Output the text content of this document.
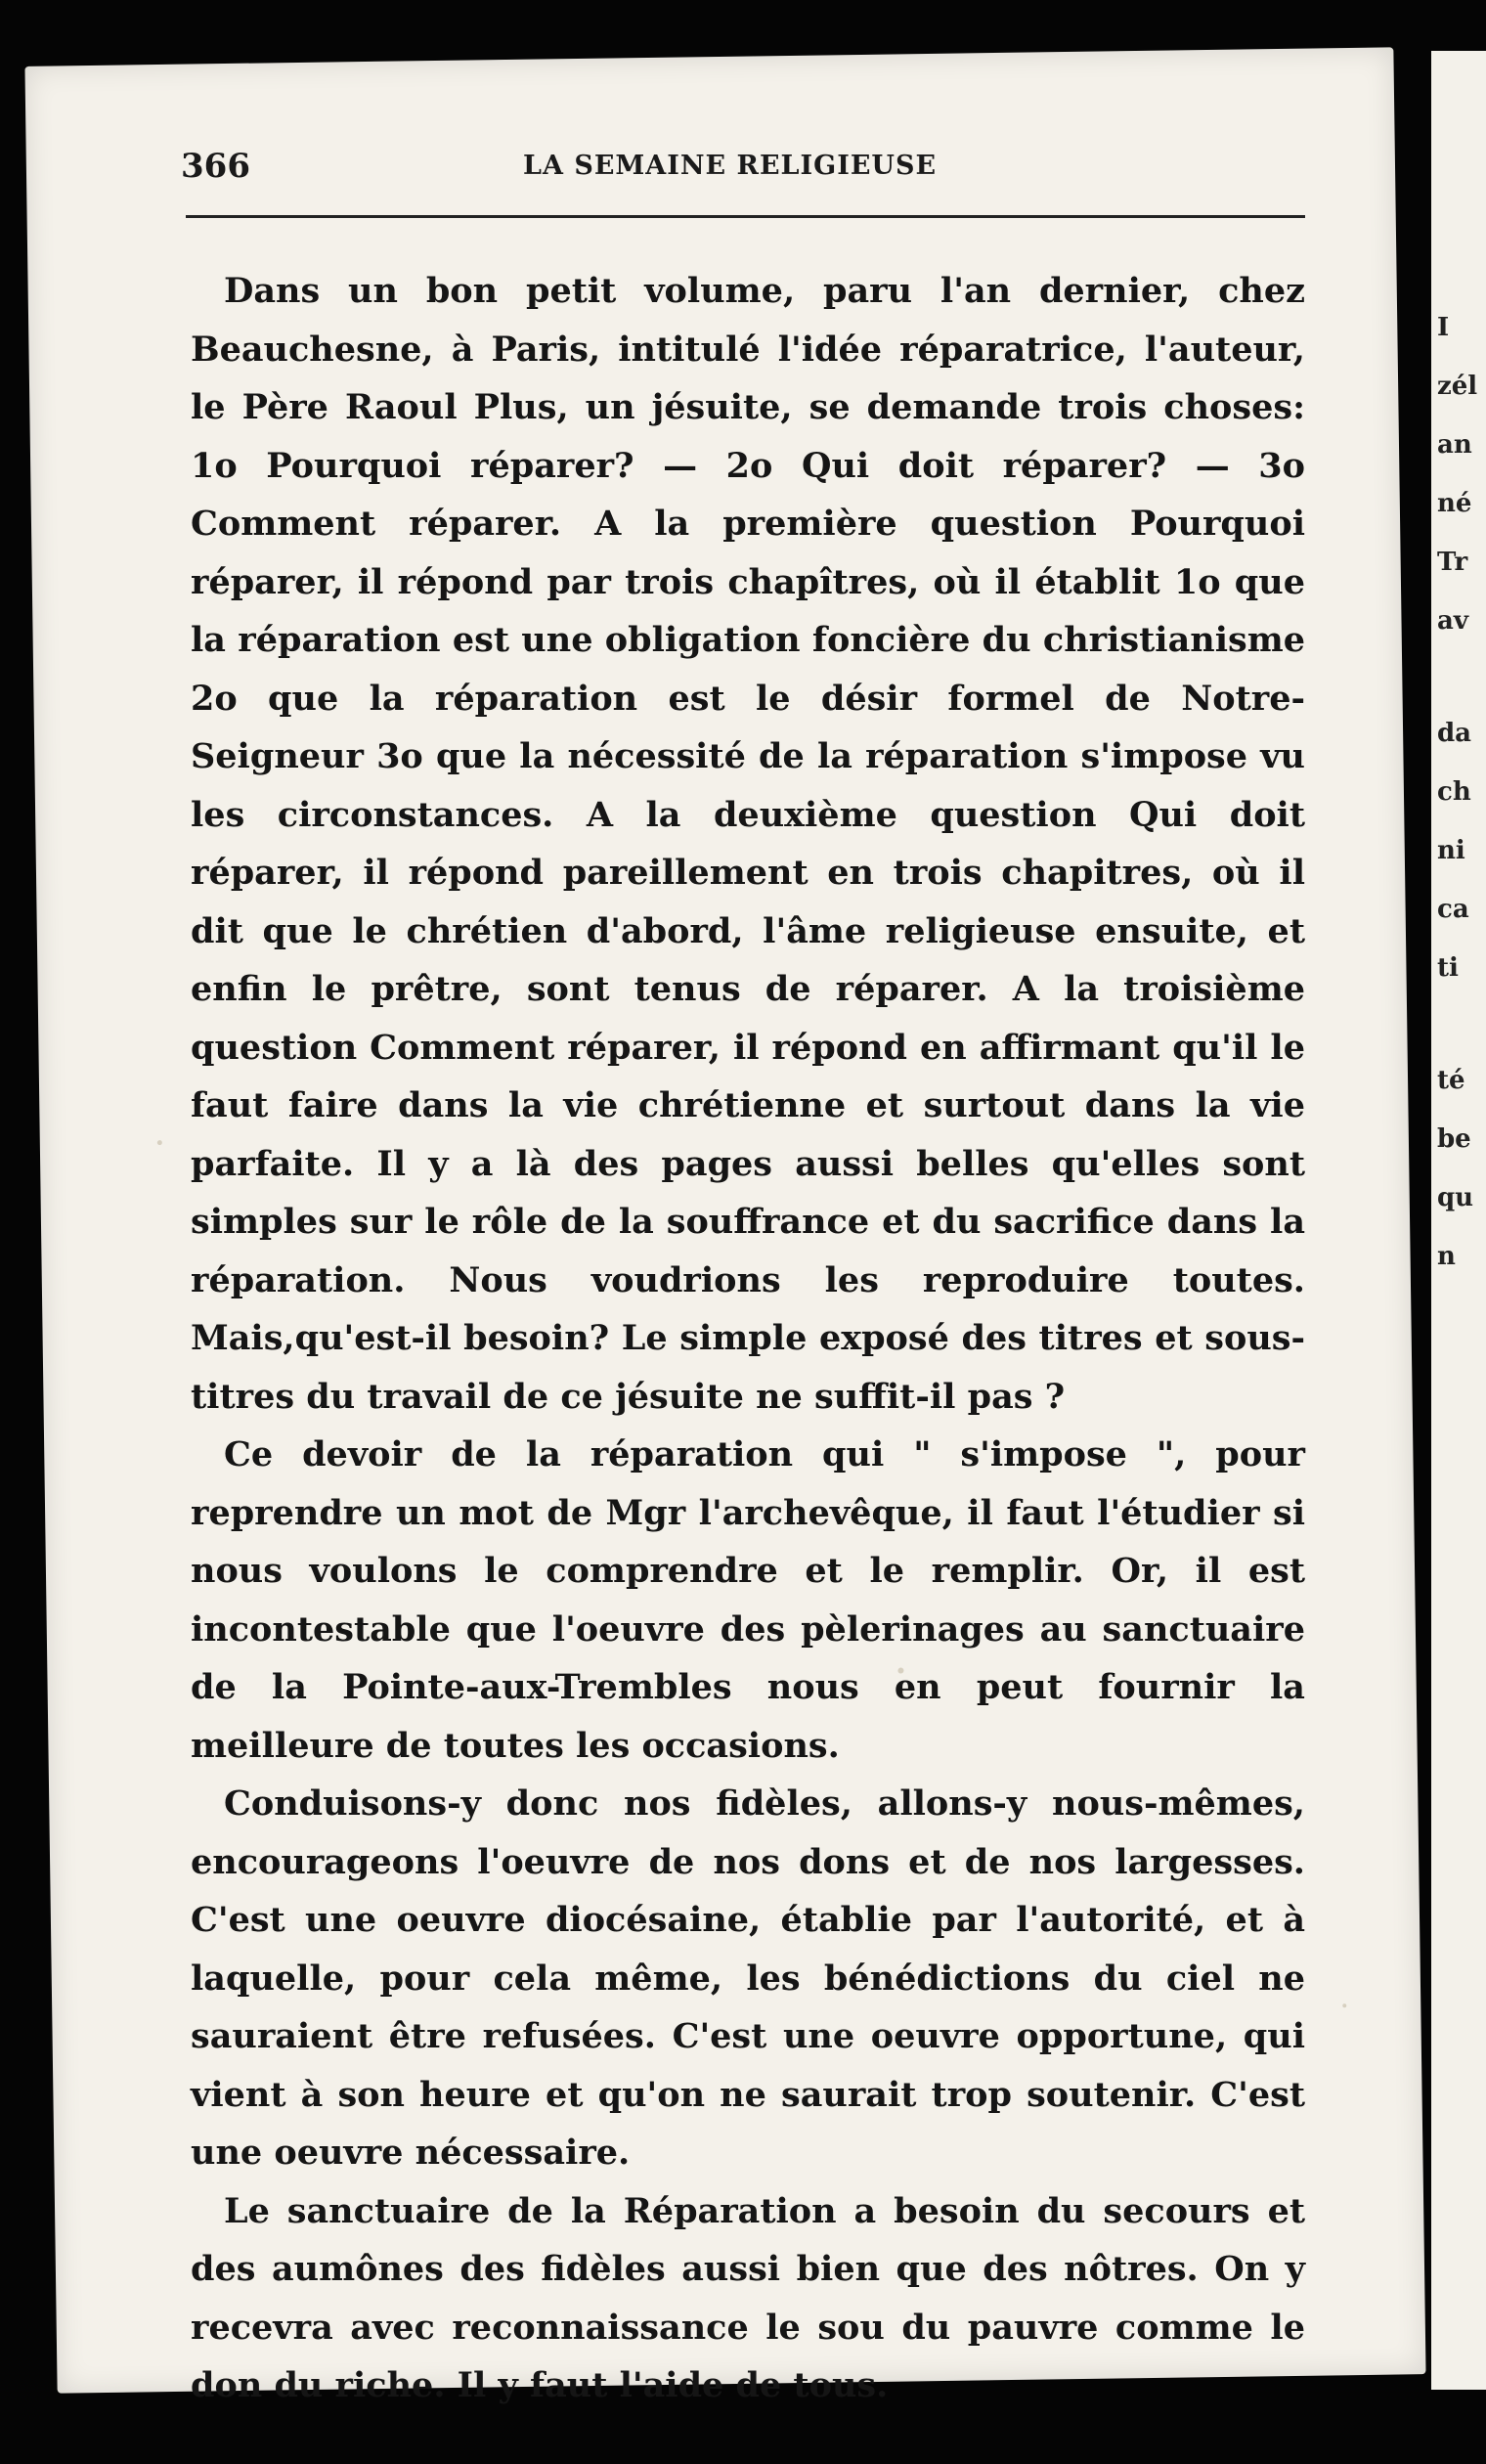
366	LA SEMAINE RELIGIEUSE

Dans un bon petit volume, paru l'an dernier, chez Beauchesne, à Paris, intitulé l'idée réparatrice, l'auteur, le Père Raoul Plus, un jésuite, se demande trois choses: 1o Pourquoi réparer? — 2o Qui doit réparer? — 3o Comment réparer. A la première question Pourquoi réparer, il répond par trois chapîtres, où il établit 1o que la réparation est une obligation foncière du christianisme 2o que la réparation est le désir formel de Notre-Seigneur 3o que la nécessité de la réparation s'impose vu les circonstances. A la deuxième question Qui doit réparer, il répond pareillement en trois chapitres, où il dit que le chrétien d'abord, l'âme religieuse ensuite, et enfin le prêtre, sont tenus de réparer. A la troisième question Comment réparer, il répond en affirmant qu'il le faut faire dans la vie chrétienne et surtout dans la vie parfaite. Il y a là des pages aussi belles qu'elles sont simples sur le rôle de la souffrance et du sacrifice dans la réparation. Nous voudrions les reproduire toutes. Mais,qu'est-il besoin? Le simple exposé des titres et sous-titres du travail de ce jésuite ne suffit-il pas ?

Ce devoir de la réparation qui " s'impose ", pour reprendre un mot de Mgr l'archevêque, il faut l'étudier si nous voulons le comprendre et le remplir. Or, il est incontestable que l'oeuvre des pèlerinages au sanctuaire de la Pointe-aux-Trembles nous en peut fournir la meilleure de toutes les occasions.

Conduisons-y donc nos fidèles, allons-y nous-mêmes, encourageons l'oeuvre de nos dons et de nos largesses. C'est une oeuvre diocésaine, établie par l'autorité, et à laquelle, pour cela même, les bénédictions du ciel ne sauraient être refusées. C'est une oeuvre opportune, qui vient à son heure et qu'on ne saurait trop soutenir. C'est une oeuvre nécessaire.

Le sanctuaire de la Réparation a besoin du secours et des aumônes des fidèles aussi bien que des nôtres. On y recevra avec reconnaissance le sou du pauvre comme le don du riche. Il y faut l'aide de tous.

I
zél
an
né
Tr
av
da
ch
ni
ca
ti
té
be
qu
n
